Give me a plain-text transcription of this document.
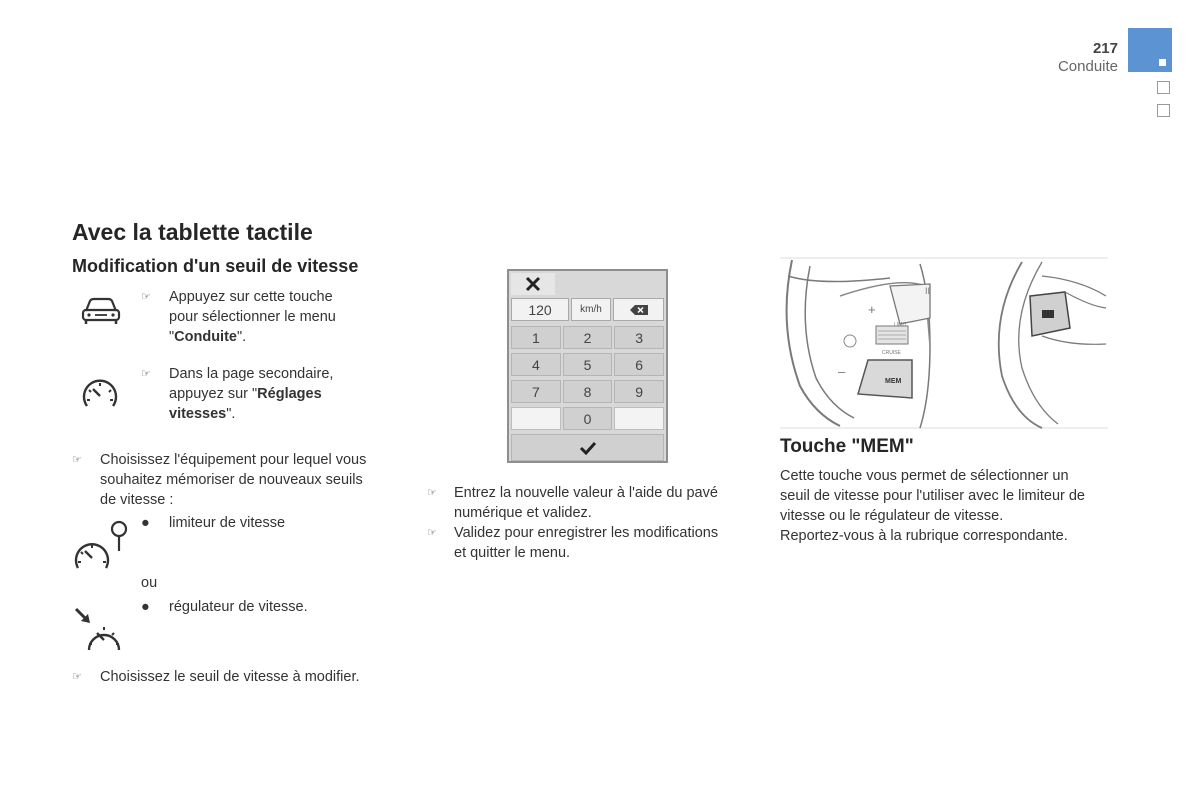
217
Conduite
Avec la tablette tactile
Modification d'un seuil de vitesse
☞ Appuyez sur cette touche
pour sélectionner le menu
"Conduite".
☞ Dans la page secondaire,
appuyez sur "Réglages
vitesses".
☞ Choisissez l'équipement pour lequel vous
souhaitez mémoriser de nouveaux seuils
de vitesse :
● limiteur de vitesse
ou
● régulateur de vitesse.
☞ Choisissez le seuil de vitesse à modifier.
120	km/h
1	2	3
4	5	6
7	8	9
0
☞ Entrez la nouvelle valeur à l'aide du pavé
numérique et validez.
☞ Validez pour enregistrer les modifications
et quitter le menu.
II
+
–
LIMIT
CRUISE
MEM
Touche "MEM"
Cette touche vous permet de sélectionner un
seuil de vitesse pour l'utiliser avec le limiteur de
vitesse ou le régulateur de vitesse.
Reportez-vous à la rubrique correspondante.
